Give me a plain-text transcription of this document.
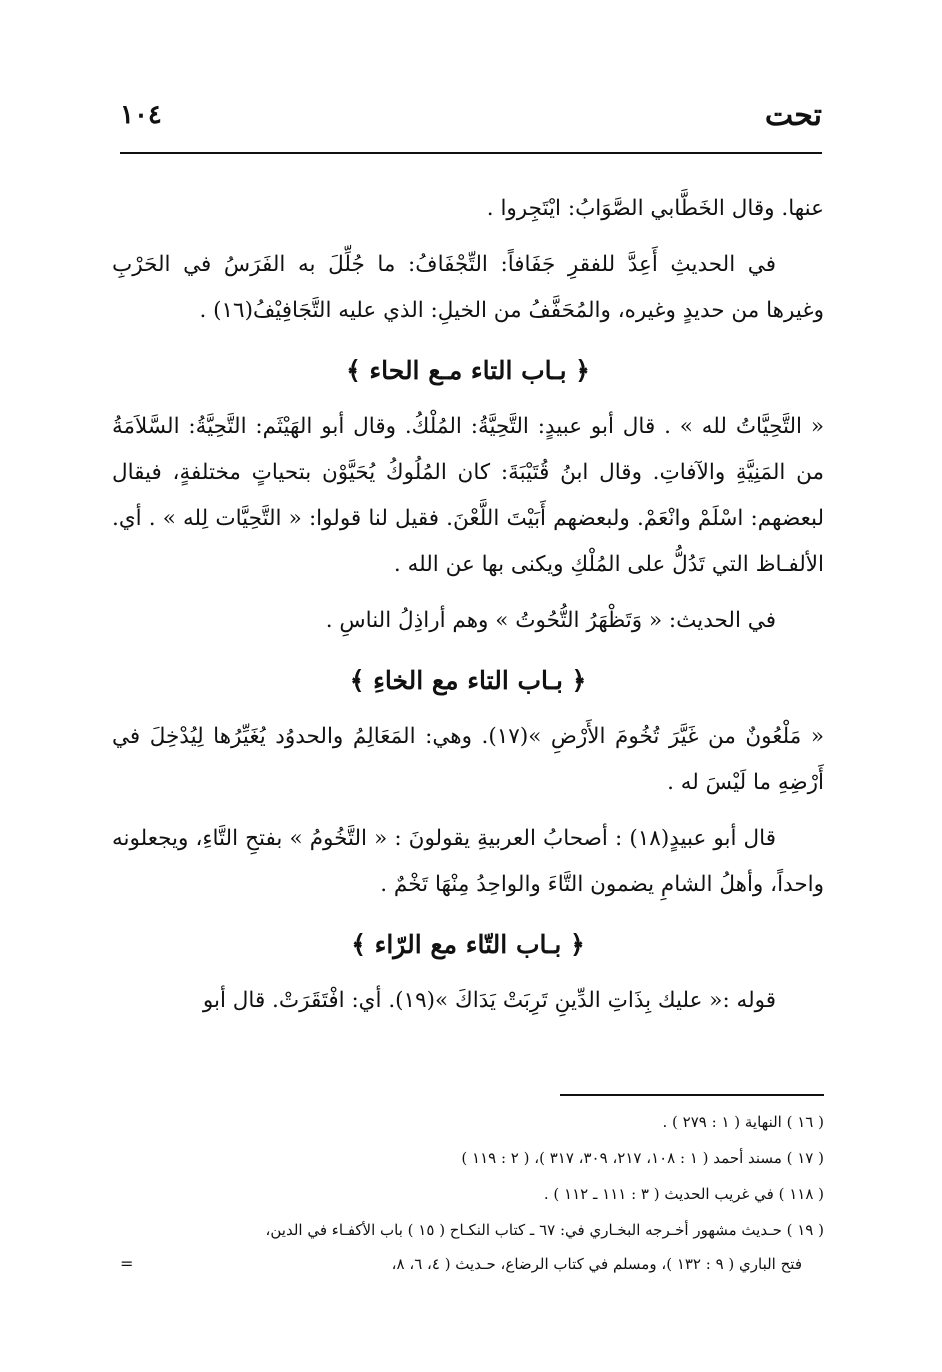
تحت
١٠٤

عنها. وقال الخَطَّابي الصَّوَابُ: ايْتَجِروا .

في الحديثِ أَعِدَّ للفقرِ جَفَافاً: التِّجْفَافُ: ما جُلِّلَ به الفَرَسُ في الحَرْبِ وغيرها من حديدٍ وغيره، والمُحَفَّفُ من الخيلِ: الذي عليه التَّجَافِيْفُ(١٦) .

﴿ بـاب التاء مـع الحاء ﴾

« التَّحِيَّاتُ لله » . قال أبو عبيدٍ: التَّحِيَّةُ: المُلْكُ. وقال أبو الهَيْثَم: التَّحِيَّةُ: السَّلاَمَةُ من المَنِيَّةِ والآفاتِ. وقال ابنُ قُتَيْبَةَ: كان المُلُوكُ يُحَيَّوْن بتحياتٍ مختلفةٍ، فيقال لبعضهم: اسْلَمْ وانْعَمْ. ولبعضهم أَبَيْتَ اللَّعْنَ. فقيل لنا قولوا: « التَّحِيَّات لِله » . أي. الألفـاظ التي تَدُلُّ على المُلْكِ ويكنى بها عن الله .

في الحديث: « وَتَظْهَرُ التُّحُوتُ » وهم أراذِلُ الناسِ .

﴿ بـاب التاء مع الخاءِ ﴾

« مَلْعُونٌ من غَيَّرَ تُخُومَ الأَرْضِ »(١٧). وهي: المَعَالِمُ والحدوُد يُغَيِّرُها لِيُدْخِلَ في أَرْضِهِ ما لَيْسَ له .

قال أبو عبيدٍ(١٨) : أصحابُ العربيةِ يقولونَ : « التَّخُومُ » بفتحِ التَّاءِ، ويجعلونه واحداً، وأهلُ الشامِ يضمون التَّاءَ والواحِدُ مِنْهَا تَخْمٌ .

﴿ بـاب التّاء مع الرّاء ﴾

قوله :« عليك بِذَاتِ الدِّينِ تَرِبَتْ يَدَاكَ »(١٩). أي: افْتَقَرَتْ. قال أبو

( ١٦ ) النهاية ( ١ : ٢٧٩ ) .

( ١٧ ) مسند أحمد ( ١ : ١٠٨، ٢١٧، ٣٠٩، ٣١٧ )، ( ٢ : ١١٩ )

( ١١٨ ) في غريب الحديث ( ٣ : ١١١ ـ ١١٢ ) .

( ١٩ ) حـديث مشهور أخـرجه البخـاري في: ٦٧ ـ كتاب النكـاح ( ١٥ ) باب الأكفـاء في الدين،

فتح الباري ( ٩ : ١٣٢ )، ومسلم في كتاب الرضاع، حـديث ( ٤، ٦، ٨،
=
